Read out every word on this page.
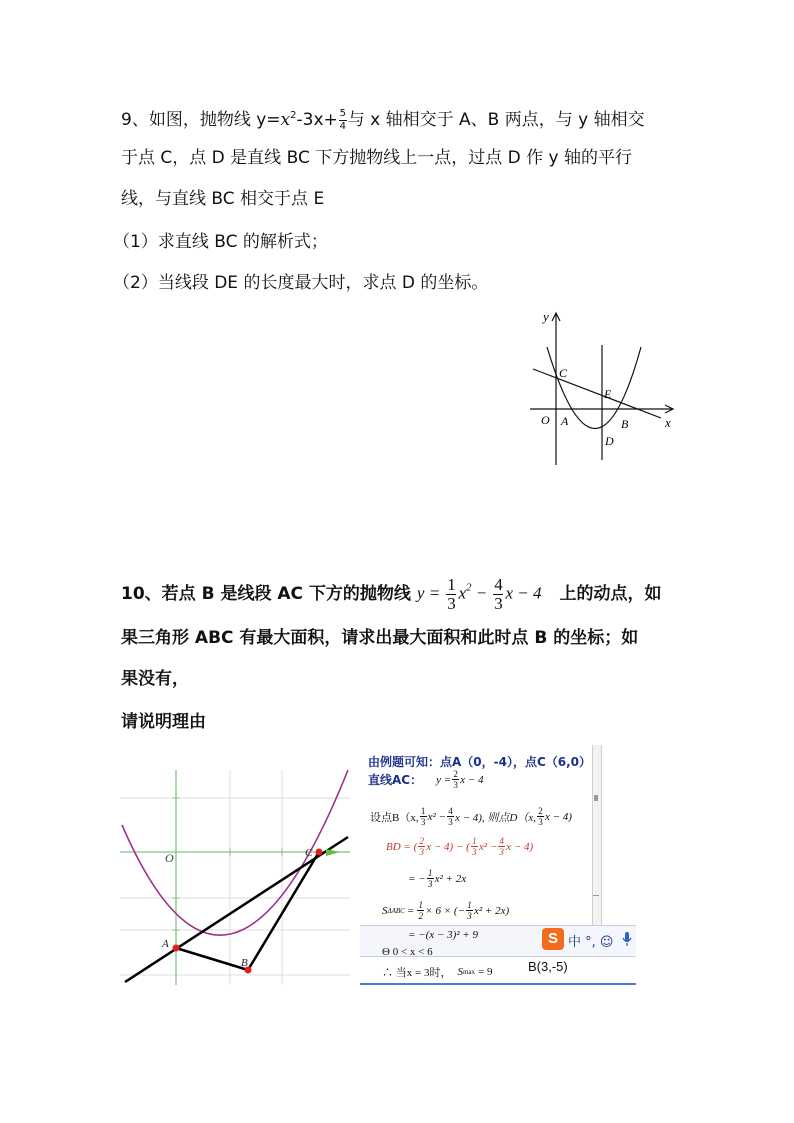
9、如图，抛物线 $y=x^2-3x+ \frac{5}{4}$ 与 x 轴相交于 A、B 两点，与 y 轴相交
于点 C，点 D 是直线 BC 下方抛物线上一点，过点 D 作 y 轴的平行
线，与直线 BC 相交于点 E
（1）求直线 BC 的解析式；
（2）当线段 DE 的长度最大时，求点 D 的坐标。
y
x
O A	B
C
D
E
10、若点 B 是线段 AC 下方的抛物线 $y = \frac{1}{3} x^2 - \frac{4}{3}$ x − 4 上的动点，如
果三角形 ABC 有最大面积，请求出最大面积和此时点 B 的坐标；如
果没有，
请说明理由
O
A
B
C
由例题可知：点A（0，-4），点C（6,0）
直线AC： y = 2
3 x − 4
设点B（x,
1
3 x² − 4
3 x − 4), 则点D（x,
2
3 x − 4)
BD = ( 2
3 x − 4) − ( 1
3 x² − 4
3 x − 4)
= − 1
3 x² + 2x
S ΔABC = 1
2 × 6 × (− 1
3 x² + 2x)
S 中 °, ☺
= −(x − 3)² + 9
Θ 0 < x < 6
∴ 当x = 3时， S max = 9	B(3,-5)
